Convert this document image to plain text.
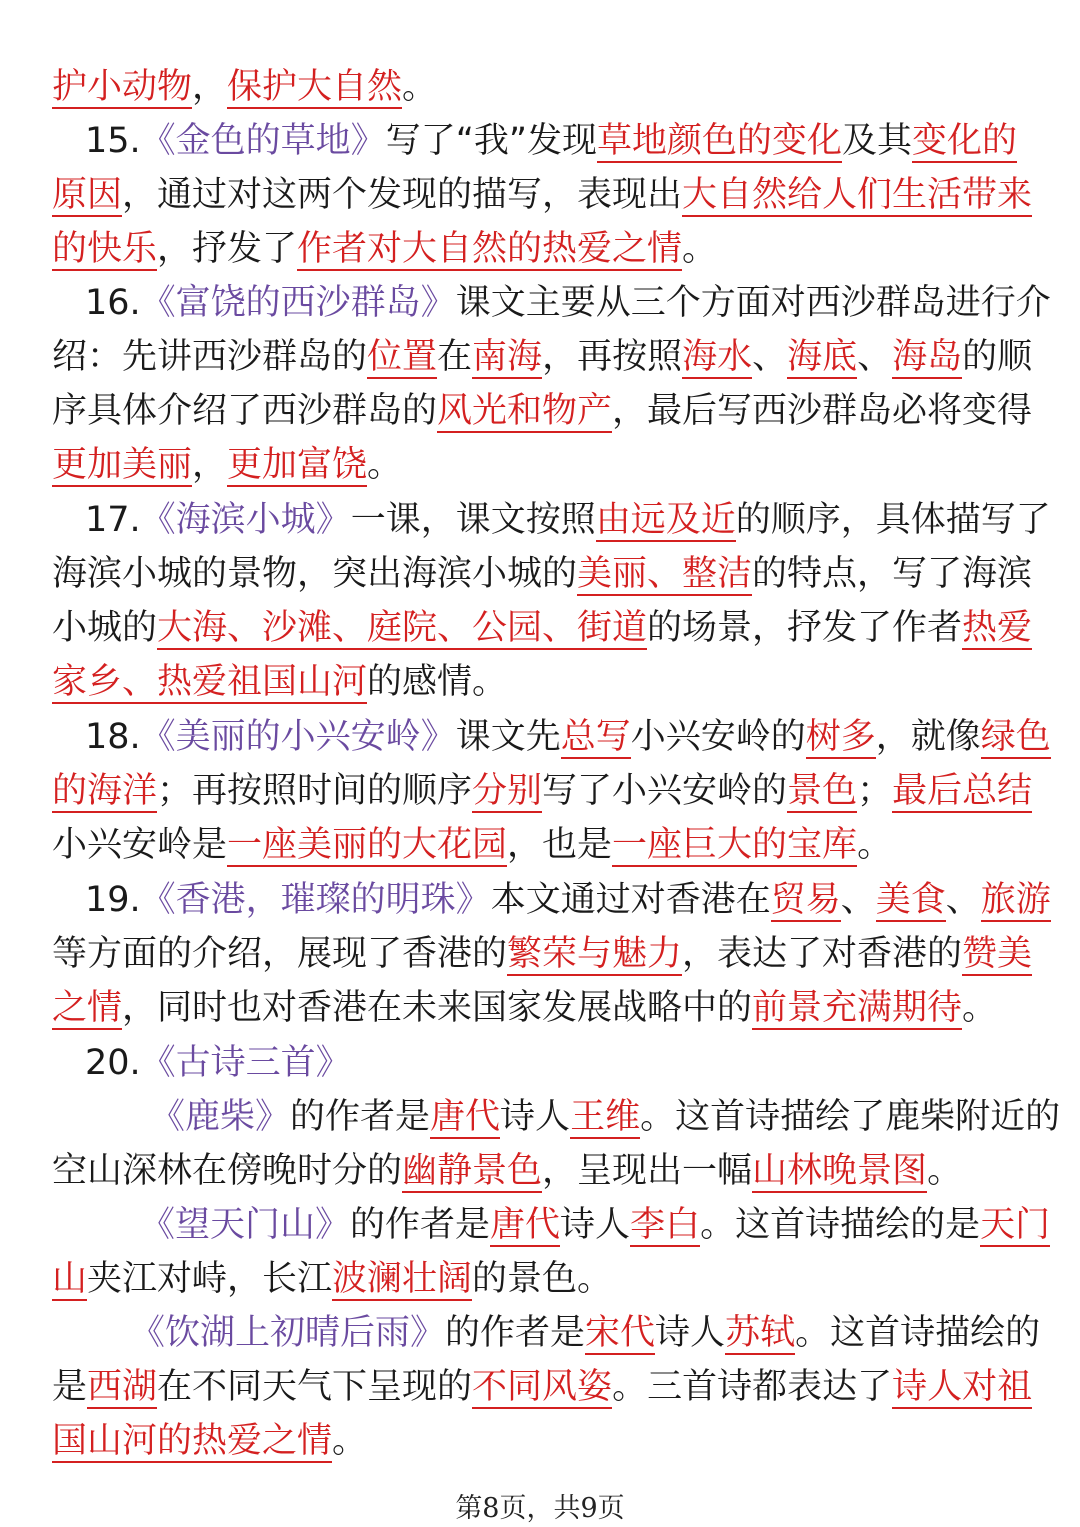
护小动物，保护大自然。
15.《金色的草地》写了“我”发现草地颜色的变化及其变化的
原因，通过对这两个发现的描写，表现出大自然给人们生活带来
的快乐，抒发了作者对大自然的热爱之情。
16.《富饶的西沙群岛》课文主要从三个方面对西沙群岛进行介
绍：先讲西沙群岛的位置在南海，再按照海水、海底、海岛的顺
序具体介绍了西沙群岛的风光和物产，最后写西沙群岛必将变得
更加美丽，更加富饶。
17.《海滨小城》一课，课文按照由远及近的顺序，具体描写了
海滨小城的景物，突出海滨小城的美丽、整洁的特点，写了海滨
小城的大海、沙滩、庭院、公园、街道的场景，抒发了作者热爱
家乡、热爱祖国山河的感情。
18.《美丽的小兴安岭》课文先总写小兴安岭的树多，就像绿色
的海洋；再按照时间的顺序分别写了小兴安岭的景色；最后总结
小兴安岭是一座美丽的大花园，也是一座巨大的宝库。
19.《香港，璀璨的明珠》本文通过对香港在贸易、美食、旅游
等方面的介绍，展现了香港的繁荣与魅力，表达了对香港的赞美
之情，同时也对香港在未来国家发展战略中的前景充满期待。
20.《古诗三首》
《鹿柴》的作者是唐代诗人王维。这首诗描绘了鹿柴附近的
空山深林在傍晚时分的幽静景色，呈现出一幅山林晚景图。
《望天门山》的作者是唐代诗人李白。这首诗描绘的是天门
山夹江对峙，长江波澜壮阔的景色。
《饮湖上初晴后雨》的作者是宋代诗人苏轼。这首诗描绘的
是西湖在不同天气下呈现的不同风姿。三首诗都表达了诗人对祖
国山河的热爱之情。
第8页，共9页
